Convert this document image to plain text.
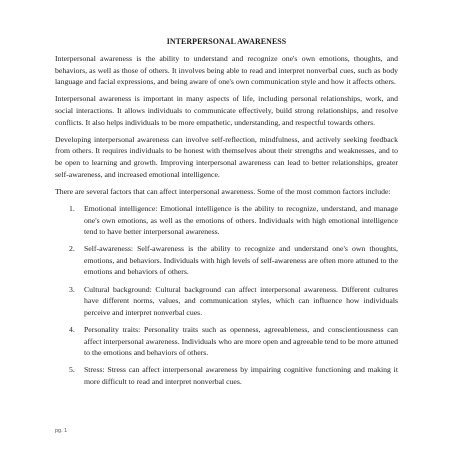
INTERPERSONAL AWARENESS

Interpersonal awareness is the ability to understand and recognize one's own emotions, thoughts, and behaviors, as well as those of others. It involves being able to read and interpret nonverbal cues, such as body language and facial expressions, and being aware of one's own communication style and how it affects others.

Interpersonal awareness is important in many aspects of life, including personal relationships, work, and social interactions. It allows individuals to communicate effectively, build strong relationships, and resolve conflicts. It also helps individuals to be more empathetic, understanding, and respectful towards others.

Developing interpersonal awareness can involve self-reflection, mindfulness, and actively seeking feedback from others. It requires individuals to be honest with themselves about their strengths and weaknesses, and to be open to learning and growth. Improving interpersonal awareness can lead to better relationships, greater self-awareness, and increased emotional intelligence.

There are several factors that can affect interpersonal awareness. Some of the most common factors include:

1. Emotional intelligence: Emotional intelligence is the ability to recognize, understand, and manage one's own emotions, as well as the emotions of others. Individuals with high emotional intelligence tend to have better interpersonal awareness.
2. Self-awareness: Self-awareness is the ability to recognize and understand one's own thoughts, emotions, and behaviors. Individuals with high levels of self-awareness are often more attuned to the emotions and behaviors of others.
3. Cultural background: Cultural background can affect interpersonal awareness. Different cultures have different norms, values, and communication styles, which can influence how individuals perceive and interpret nonverbal cues.
4. Personality traits: Personality traits such as openness, agreeableness, and conscientiousness can affect interpersonal awareness. Individuals who are more open and agreeable tend to be more attuned to the emotions and behaviors of others.
5. Stress: Stress can affect interpersonal awareness by impairing cognitive functioning and making it more difficult to read and interpret nonverbal cues.
pg. 1
